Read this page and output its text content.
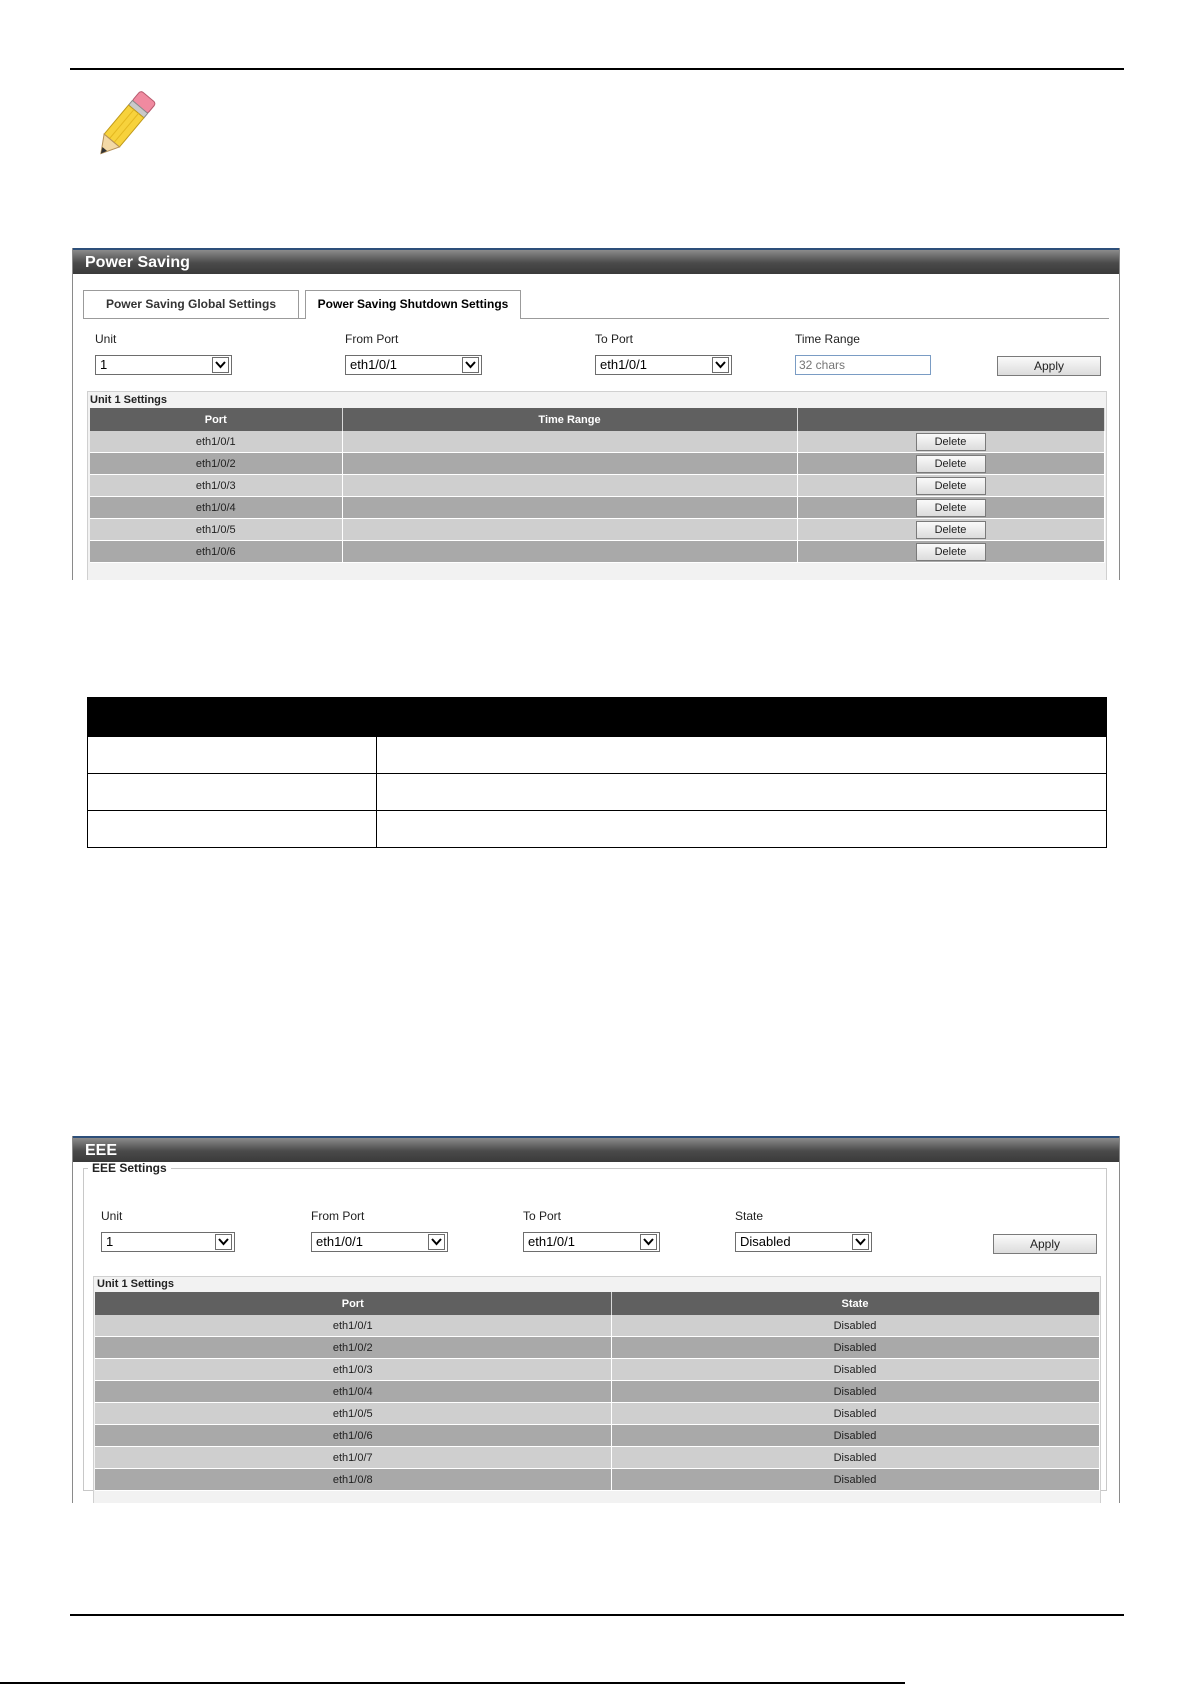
Power Saving
Power Saving Global Settings	Power Saving Shutdown Settings
Unit
1
From Port
eth1/0/1
To Port
eth1/0/1
Time Range
32 chars
Apply
Unit 1 Settings
Port	Time Range	
eth1/0/1		Delete
eth1/0/2		Delete
eth1/0/3		Delete
eth1/0/4		Delete
eth1/0/5		Delete
eth1/0/6		Delete

EEE
EEE Settings
Unit
1
From Port
eth1/0/1
To Port
eth1/0/1
State
Disabled	Apply
Unit 1 Settings
Port	State
eth1/0/1	Disabled
eth1/0/2	Disabled
eth1/0/3	Disabled
eth1/0/4	Disabled
eth1/0/5	Disabled
eth1/0/6	Disabled
eth1/0/7	Disabled
eth1/0/8	Disabled
